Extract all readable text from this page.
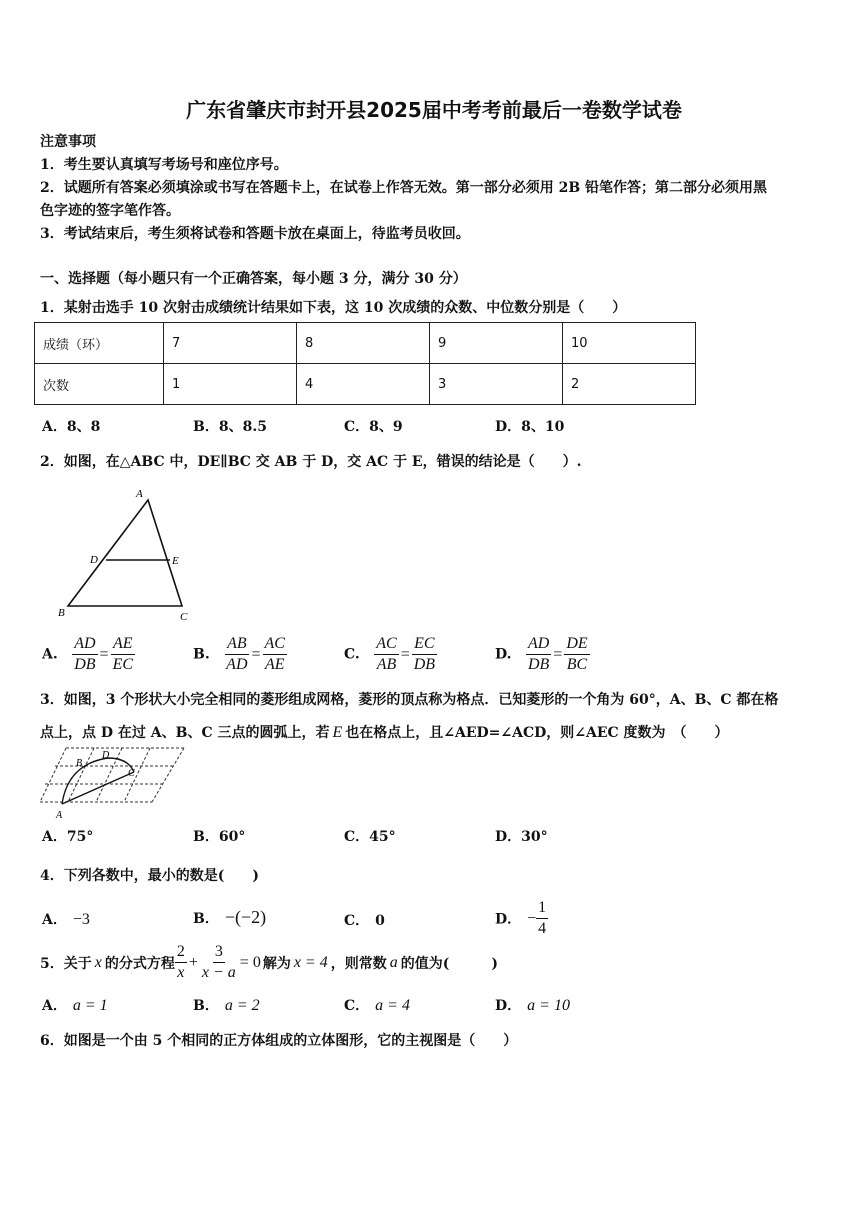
广东省肇庆市封开县2025届中考考前最后一卷数学试卷
注意事项
1．考生要认真填写考场号和座位序号。
2．试题所有答案必须填涂或书写在答题卡上，在试卷上作答无效。第一部分必须用 2B 铅笔作答；第二部分必须用黑
色字迹的签字笔作答。
3．考试结束后，考生须将试卷和答题卡放在桌面上，待监考员收回。
一、选择题（每小题只有一个正确答案，每小题 3 分，满分 30 分）
1．某射击选手 10 次射击成绩统计结果如下表，这 10 次成绩的众数、中位数分别是（　　）
成绩（环）	7	8	9	10
次数	1	4	3	2
A．8、8	B．8、8.5	C．8、9	D．8、10
2．如图，在△ABC 中，DE∥BC 交 AB 于 D，交 AC 于 E，错误的结论是（　　）.
A
B	C
D	E
A. $\frac{AD}{DB} = \frac{AE}{EC}$	B. $\frac{AB}{AD} = \frac{AC}{AE}$	C. $\frac{AC}{AB} = \frac{EC}{DB}$	D. $\frac{AD}{DB} = \frac{DE}{BC}$
3．如图，3 个形状大小完全相同的菱形组成网格，菱形的顶点称为格点．已知菱形的一个角为 60°，A、B、C 都在格
点上，点 D 在过 A、B、C 三点的圆弧上，若 E 也在格点上，且∠AED=∠ACD，则∠AEC 度数为　（　　）
A
B
C
D
A．75°	B．60°	C．45°	D．30°
4．下列各数中，最小的数是(　　)
A． −3	B． −(−2)	C． 0	D． − $\frac{1}{4}$
5．关于 x 的分式方程 $\frac{2}{x} + \frac{3}{x - a} = 0$ 解为 x = 4 ，则常数 a 的值为(　　　)
A． a = 1	B． a = 2	C． a = 4	D． a = 10
6．如图是一个由 5 个相同的正方体组成的立体图形，它的主视图是（　　）
